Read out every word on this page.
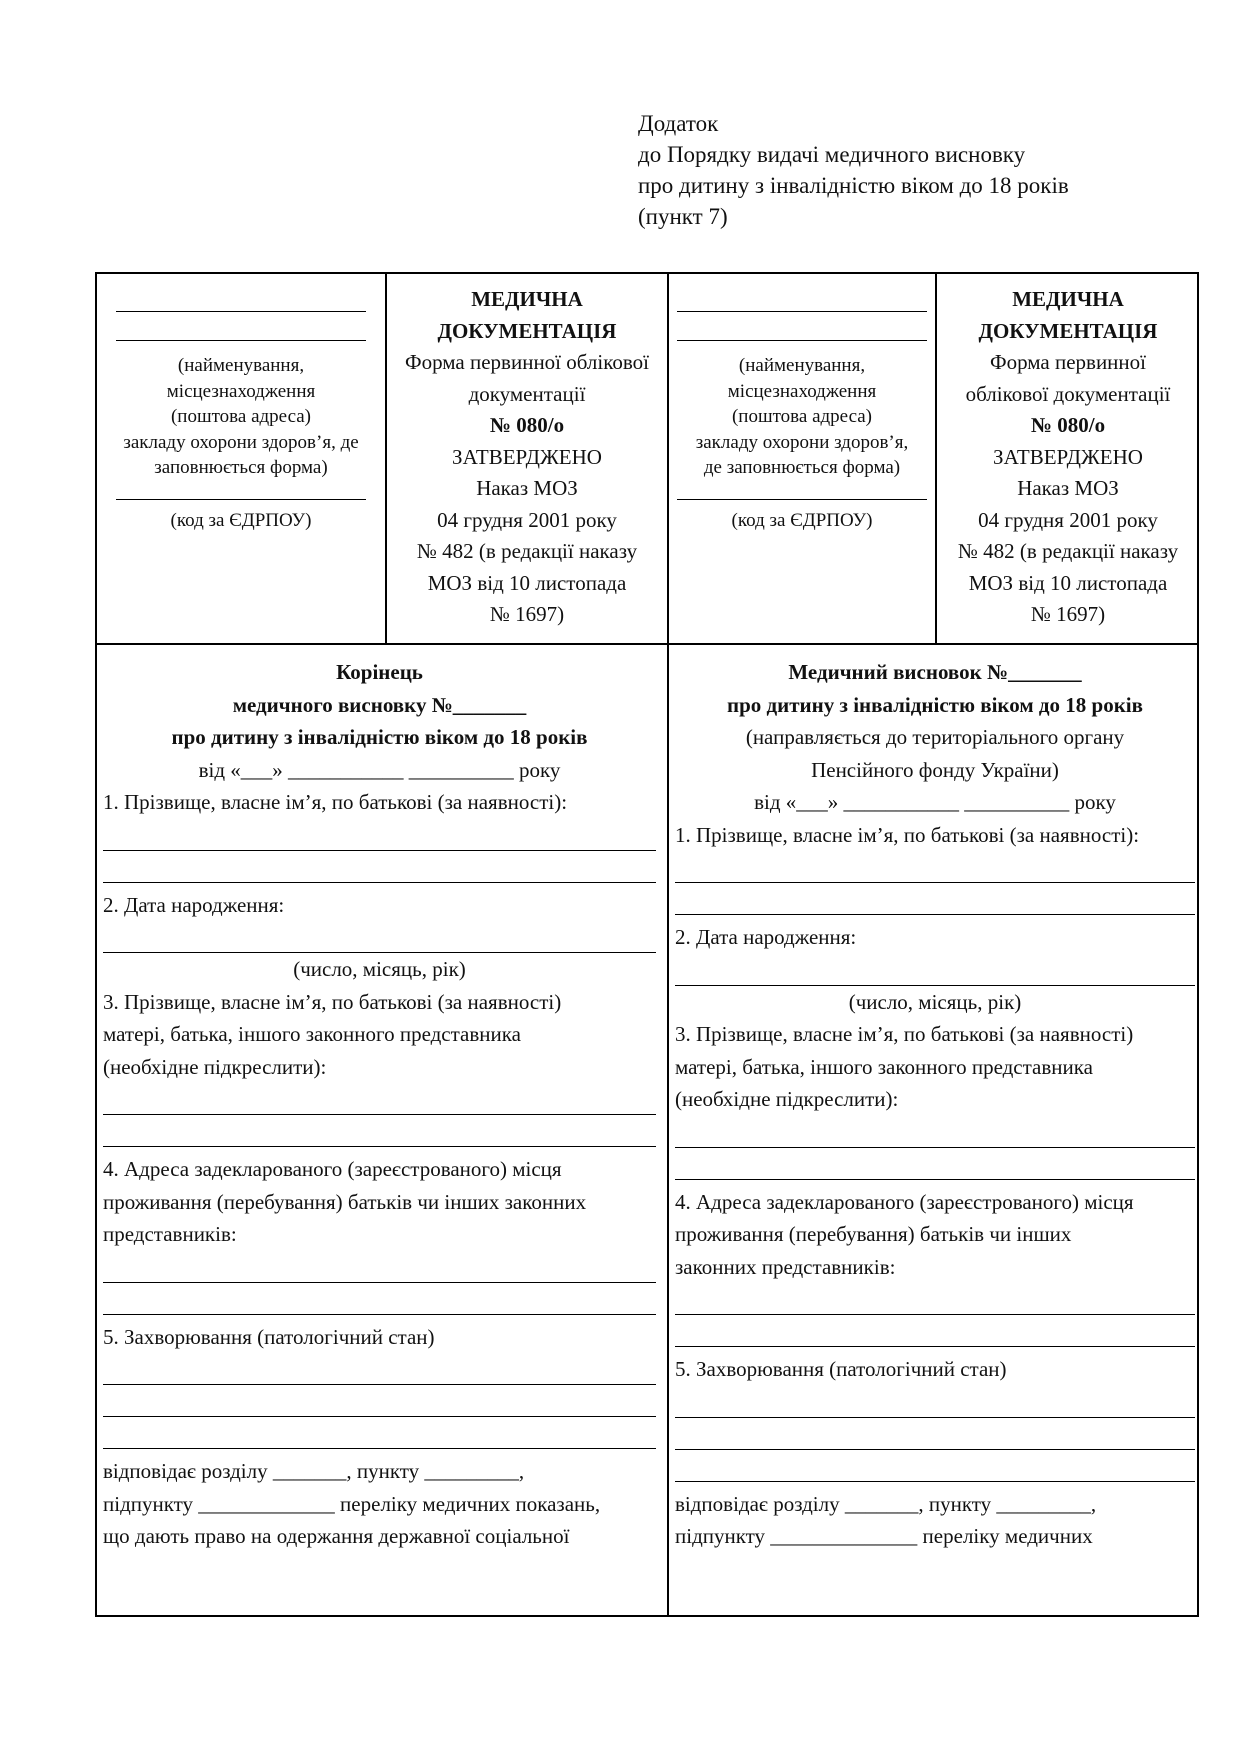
Додаток
до Порядку видачі медичного висновку
про дитину з інвалідністю віком до 18 років
(пункт 7)
(найменування,
місцезнаходження
(поштова адреса)
закладу охорони здоров’я, де
заповнюється форма)
(код за ЄДРПОУ)
МЕДИЧНА
ДОКУМЕНТАЦІЯ
Форма первинної облікової
документації
№ 080/о
ЗАТВЕРДЖЕНО
Наказ МОЗ
04 грудня 2001 року
№ 482 (в редакції наказу
МОЗ від 10 листопада
№ 1697)
(найменування,
місцезнаходження
(поштова адреса)
закладу охорони здоров’я,
де заповнюється форма)
(код за ЄДРПОУ)
МЕДИЧНА
ДОКУМЕНТАЦІЯ
Форма первинної
облікової документації
№ 080/о
ЗАТВЕРДЖЕНО
Наказ МОЗ
04 грудня 2001 року
№ 482 (в редакції наказу
МОЗ від 10 листопада
№ 1697)
Корінець
медичного висновку №_______
про дитину з інвалідністю віком до 18 років
від «___» ___________ __________ року
1. Прізвище, власне ім’я, по батькові (за наявності):
2. Дата народження:
(число, місяць, рік)
3. Прізвище, власне ім’я, по батькові (за наявності)
матері, батька, іншого законного представника
(необхідне підкреслити):
4. Адреса задекларованого (зареєстрованого) місця
проживання (перебування) батьків чи інших законних
представників:
5. Захворювання (патологічний стан)
відповідає розділу _______, пункту _________,
підпункту _____________ переліку медичних показань,
що дають право на одержання державної соціальної
Медичний висновок №_______
про дитину з інвалідністю віком до 18 років
(направляється до територіального органу
Пенсійного фонду України)
від «___» ___________ __________ року
1. Прізвище, власне ім’я, по батькові (за наявності):
2. Дата народження:
(число, місяць, рік)
3. Прізвище, власне ім’я, по батькові (за наявності)
матері, батька, іншого законного представника
(необхідне підкреслити):
4. Адреса задекларованого (зареєстрованого) місця
проживання (перебування) батьків чи інших
законних представників:
5. Захворювання (патологічний стан)
відповідає розділу _______, пункту _________,
підпункту ______________ переліку медичних
